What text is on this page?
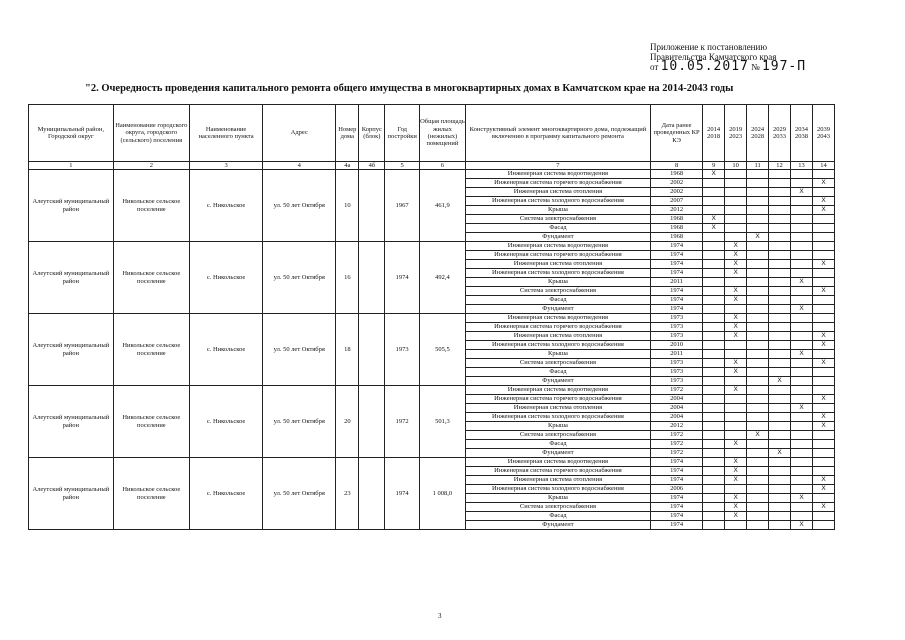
Приложение к постановлению
Правительства Камчатского края
от 10.05.2017 № 197-П
"2. Очередность проведения капитального ремонта общего имущества в многоквартирных домах в Камчатском крае на 2014-2043 годы
Муниципальный район, Городской округ	Наименование городского округа, городского (сельского) поселения	Наименование населенного пункта	Адрес	Номер дома	Корпус (блок)	Год постройки	Общая площадь жилых (нежилых) помещений	Конструктивный элемент многоквартирного дома, подлежащий включению в программу капитального ремонта	Дата ранее проведенных КР КЭ	2014 2018	2019 2023	2024 2028	2029 2033	2034 2038	2039 2043
1	2	3	4	4а	4б	5	6	7	8	9	10	11	12	13	14
Алеутский муниципальный район	Никольское сельское поселение	с. Никольское	ул. 50 лет Октября	10		1967	461,9	Инженерная система водоотведения	1968	X					
								Инженерная система горячего водоснабжения	2002						X
								Инженерная система отопления	2002					X	
								Инженерная система холодного водоснабжения	2007						X
								Крыша	2012						X
								Система электроснабжения	1968	X					
								Фасад	1968	X					
								Фундамент	1968			X			
Алеутский муниципальный район	Никольское сельское поселение	с. Никольское	ул. 50 лет Октября	16		1974	492,4	Инженерная система водоотведения	1974		X				
								Инженерная система горячего водоснабжения	1974		X				
								Инженерная система отопления	1974		X				X
								Инженерная система холодного водоснабжения	1974		X				
								Крыша	2011					X	
								Система электроснабжения	1974		X				X
								Фасад	1974		X				
								Фундамент	1974					X	
Алеутский муниципальный район	Никольское сельское поселение	с. Никольское	ул. 50 лет Октября	18		1973	505,5	Инженерная система водоотведения	1973		X				
								Инженерная система горячего водоснабжения	1973		X				
								Инженерная система отопления	1973		X				X
								Инженерная система холодного водоснабжения	2010						X
								Крыша	2011					X	
								Система электроснабжения	1973		X				X
								Фасад	1973		X				
								Фундамент	1973				X		
Алеутский муниципальный район	Никольское сельское поселение	с. Никольское	ул. 50 лет Октября	20		1972	501,3	Инженерная система водоотведения	1972		X				
								Инженерная система горячего водоснабжения	2004						X
								Инженерная система отопления	2004					X	
								Инженерная система холодного водоснабжения	2004						X
								Крыша	2012						X
								Система электроснабжения	1972			X			
								Фасад	1972		X				
								Фундамент	1972				X		
Алеутский муниципальный район	Никольское сельское поселение	с. Никольское	ул. 50 лет Октября	23		1974	1 008,0	Инженерная система водоотведения	1974		X				
								Инженерная система горячего водоснабжения	1974		X				
								Инженерная система отопления	1974		X				X
								Инженерная система холодного водоснабжения	2006						X
								Крыша	1974		X			X	
								Система электроснабжения	1974		X				X
								Фасад	1974		X				
								Фундамент	1974					X	
3
